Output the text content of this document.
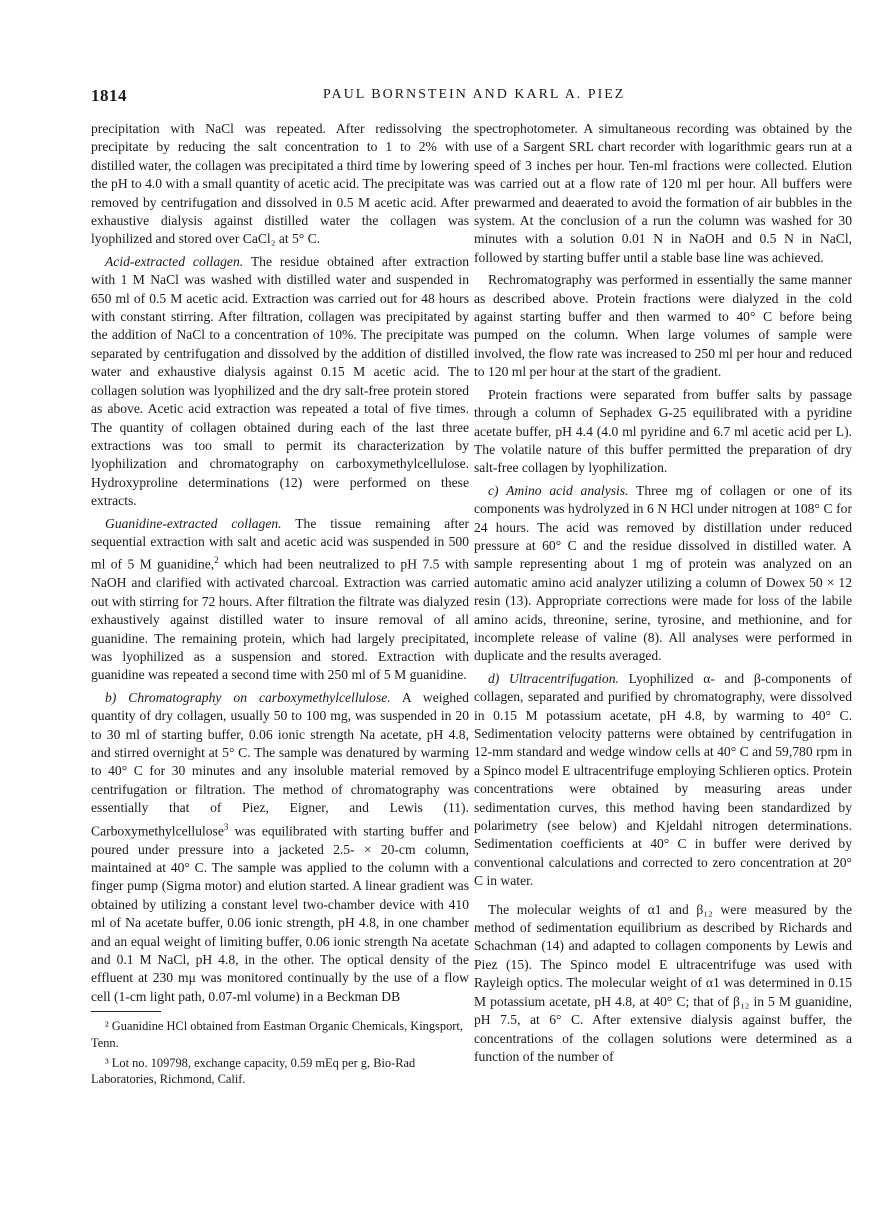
1814	PAUL BORNSTEIN AND KARL A. PIEZ

precipitation with NaCl was repeated. After redissolving the precipitate by reducing the salt concentration to 1 to 2% with distilled water, the collagen was precipitated a third time by lowering the pH to 4.0 with a small quantity of acetic acid. The precipitate was removed by centrifugation and dissolved in 0.5 M acetic acid. After exhaustive dialysis against distilled water the collagen was lyophilized and stored over CaCl₂ at 5° C.

Acid-extracted collagen. The residue obtained after extraction with 1 M NaCl was washed with distilled water and suspended in 650 ml of 0.5 M acetic acid. Extraction was carried out for 48 hours with constant stirring. After filtration, collagen was precipitated by the addition of NaCl to a concentration of 10%. The precipitate was separated by centrifugation and dissolved by the addition of distilled water and exhaustive dialysis against 0.15 M acetic acid. The collagen solution was lyophilized and the dry salt-free protein stored as above. Acetic acid extraction was repeated a total of five times. The quantity of collagen obtained during each of the last three extractions was too small to permit its characterization by lyophilization and chromatography on carboxymethylcellulose. Hydroxyproline determinations (12) were performed on these extracts.

Guanidine-extracted collagen. The tissue remaining after sequential extraction with salt and acetic acid was suspended in 500 ml of 5 M guanidine,$^2$ which had been neutralized to pH 7.5 with NaOH and clarified with activated charcoal. Extraction was carried out with stirring for 72 hours. After filtration the filtrate was dialyzed exhaustively against distilled water to insure removal of all guanidine. The remaining protein, which had largely precipitated, was lyophilized as a suspension and stored. Extraction with guanidine was repeated a second time with 250 ml of 5 M guanidine.

b) Chromatography on carboxymethylcellulose. A weighed quantity of dry collagen, usually 50 to 100 mg, was suspended in 20 to 30 ml of starting buffer, 0.06 ionic strength Na acetate, pH 4.8, and stirred overnight at 5° C. The sample was denatured by warming to 40° C for 30 minutes and any insoluble material removed by centrifugation or filtration. The method of chromatography was essentially that of Piez, Eigner, and Lewis (11). Carboxymethylcellulose$^3$ was equilibrated with starting buffer and poured under pressure into a jacketed 2.5- × 20-cm column, maintained at 40° C. The sample was applied to the column with a finger pump (Sigma motor) and elution started. A linear gradient was obtained by utilizing a constant level two-chamber device with 410 ml of Na acetate buffer, 0.06 ionic strength, pH 4.8, in one chamber and an equal weight of limiting buffer, 0.06 ionic strength Na acetate and 0.1 M NaCl, pH 4.8, in the other. The optical density of the effluent at 230 mμ was monitored continually by the use of a flow cell (1-cm light path, 0.07-ml volume) in a Beckman DB

² Guanidine HCl obtained from Eastman Organic Chemicals, Kingsport, Tenn.

³ Lot no. 109798, exchange capacity, 0.59 mEq per g, Bio-Rad Laboratories, Richmond, Calif.

spectrophotometer. A simultaneous recording was obtained by the use of a Sargent SRL chart recorder with logarithmic gears run at a speed of 3 inches per hour. Ten-ml fractions were collected. Elution was carried out at a flow rate of 120 ml per hour. All buffers were prewarmed and deaerated to avoid the formation of air bubbles in the system. At the conclusion of a run the column was washed for 30 minutes with a solution 0.01 N in NaOH and 0.5 N in NaCl, followed by starting buffer until a stable base line was achieved.

Rechromatography was performed in essentially the same manner as described above. Protein fractions were dialyzed in the cold against starting buffer and then warmed to 40° C before being pumped on the column. When large volumes of sample were involved, the flow rate was increased to 250 ml per hour and reduced to 120 ml per hour at the start of the gradient.

Protein fractions were separated from buffer salts by passage through a column of Sephadex G-25 equilibrated with a pyridine acetate buffer, pH 4.4 (4.0 ml pyridine and 6.7 ml acetic acid per L). The volatile nature of this buffer permitted the preparation of dry salt-free collagen by lyophilization.

c) Amino acid analysis. Three mg of collagen or one of its components was hydrolyzed in 6 N HCl under nitrogen at 108° C for 24 hours. The acid was removed by distillation under reduced pressure at 60° C and the residue dissolved in distilled water. A sample representing about 1 mg of protein was analyzed on an automatic amino acid analyzer utilizing a column of Dowex 50 × 12 resin (13). Appropriate corrections were made for loss of the labile amino acids, threonine, serine, tyrosine, and methionine, and for incomplete release of valine (8). All analyses were performed in duplicate and the results averaged.

d) Ultracentrifugation. Lyophilized α- and β-components of collagen, separated and purified by chromatography, were dissolved in 0.15 M potassium acetate, pH 4.8, by warming to 40° C. Sedimentation velocity patterns were obtained by centrifugation in 12-mm standard and wedge window cells at 40° C and 59,780 rpm in a Spinco model E ultracentrifuge employing Schlieren optics. Protein concentrations were obtained by measuring areas under sedimentation curves, this method having been standardized by polarimetry (see below) and Kjeldahl nitrogen determinations. Sedimentation coefficients at 40° C in buffer were derived by conventional calculations and corrected to zero concentration at 20° C in water.

The molecular weights of α1 and β₁₂ were measured by the method of sedimentation equilibrium as described by Richards and Schachman (14) and adapted to collagen components by Lewis and Piez (15). The Spinco model E ultracentrifuge was used with Rayleigh optics. The molecular weight of α1 was determined in 0.15 M potassium acetate, pH 4.8, at 40° C; that of β₁₂ in 5 M guanidine, pH 7.5, at 6° C. After extensive dialysis against buffer, the concentrations of the collagen solutions were determined as a function of the number of
